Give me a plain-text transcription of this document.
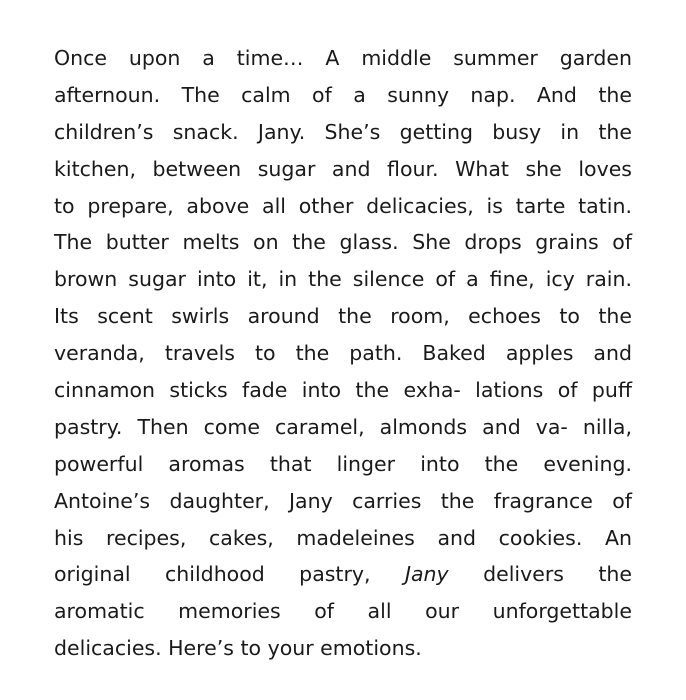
Once upon a time… A middle summer garden
afternoun. The calm of a sunny nap. And the
children’s snack. Jany. She’s getting busy in the
kitchen, between sugar and flour. What she loves
to prepare, above all other delicacies, is tarte tatin.
The butter melts on the glass. She drops grains of
brown sugar into it, in the silence of a fine, icy rain.
Its scent swirls around the room, echoes to the
veranda, travels to the path. Baked apples and
cinnamon sticks fade into the exha- lations of puff
pastry. Then come caramel, almonds and va- nilla,
powerful aromas that linger into the evening.
Antoine’s daughter, Jany carries the fragrance of
his recipes, cakes, madeleines and cookies. An
original childhood pastry, Jany delivers the
aromatic memories of all our unforgettable
delicacies. Here’s to your emotions.
